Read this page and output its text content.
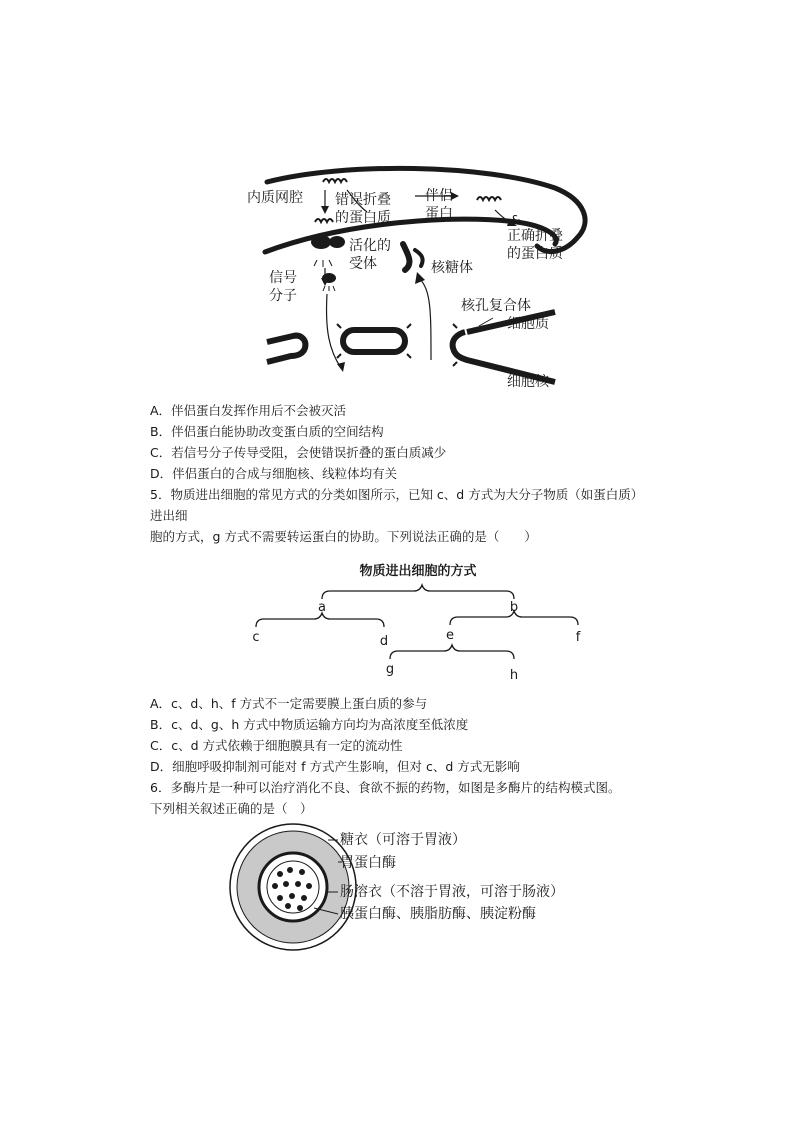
&
内质网腔 错误折叠
的蛋白质
伴侣
蛋白
正确折叠
的蛋白质
活化的
受体	核糖体
信号
分子
核孔复合体
细胞质
细胞核
A．伴侣蛋白发挥作用后不会被灭活
B．伴侣蛋白能协助改变蛋白质的空间结构
C．若信号分子传导受阻，会使错误折叠的蛋白质减少
D．伴侣蛋白的合成与细胞核、线粒体均有关
5．物质进出细胞的常见方式的分类如图所示，已知 c、d 方式为大分子物质（如蛋白质）
进出细
胞的方式，g 方式不需要转运蛋白的协助。下列说法正确的是（　　）
物质进出细胞的方式
a	b
c	d	e	f
g	h
A．c、d、h、f 方式不一定需要膜上蛋白质的参与
B．c、d、g、h 方式中物质运输方向均为高浓度至低浓度
C．c、d 方式依赖于细胞膜具有一定的流动性
D．细胞呼吸抑制剂可能对 f 方式产生影响，但对 c、d 方式无影响
6．多酶片是一种可以治疗消化不良、食欲不振的药物，如图是多酶片的结构模式图。
下列相关叙述正确的是（　）
糖衣（可溶于胃液）
胃蛋白酶
肠溶衣（不溶于胃液，可溶于肠液）
胰蛋白酶、胰脂肪酶、胰淀粉酶
